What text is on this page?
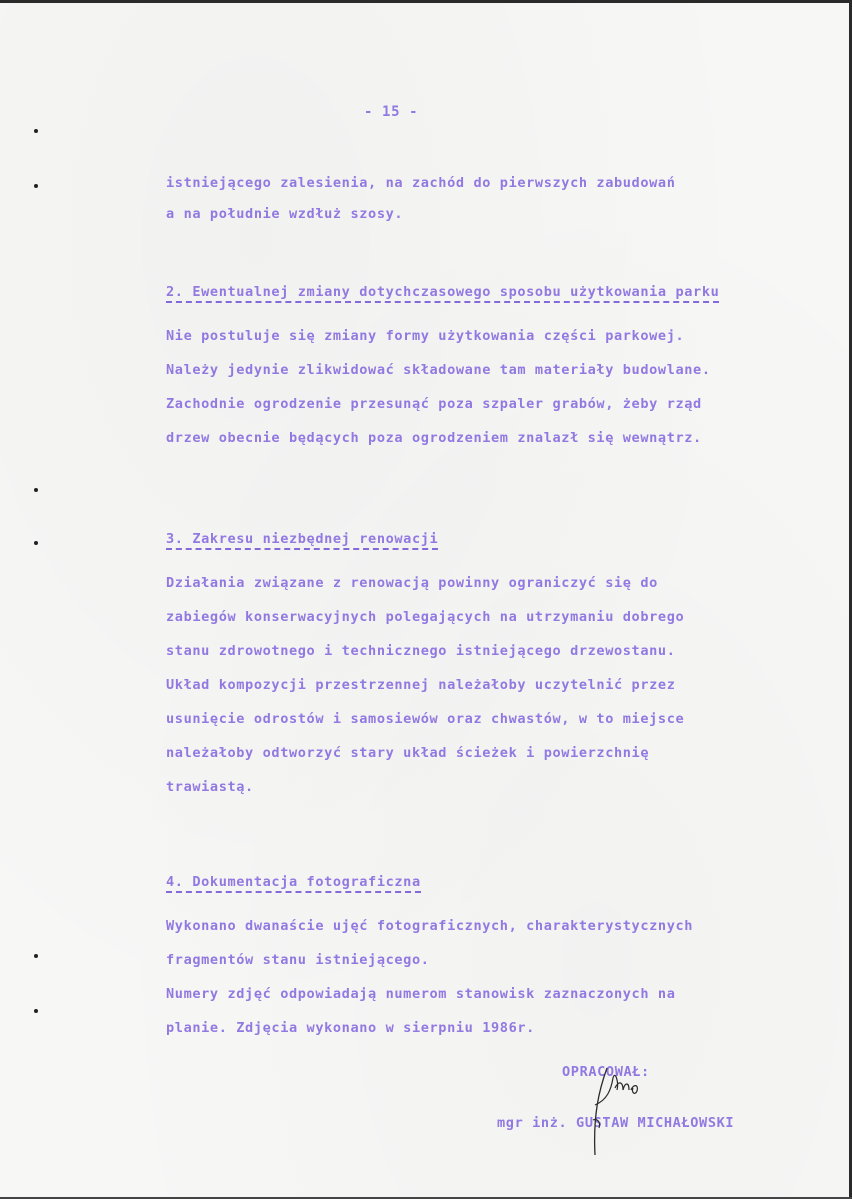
- 15 -
istniejącego zalesienia, na zachód do pierwszych zabudowań
a na południe wzdłuż szosy.
2. Ewentualnej zmiany dotychczasowego sposobu użytkowania parku
Nie postuluje się zmiany formy użytkowania części parkowej.
Należy jedynie zlikwidować składowane tam materiały budowlane.
Zachodnie ogrodzenie przesunąć poza szpaler grabów, żeby rząd
drzew obecnie będących poza ogrodzeniem znalazł się wewnątrz.
3. Zakresu niezbędnej renowacji
Działania związane z renowacją powinny ograniczyć się do
zabiegów konserwacyjnych polegających na utrzymaniu dobrego
stanu zdrowotnego i technicznego istniejącego drzewostanu.
Układ kompozycji przestrzennej należałoby uczytelnić przez
usunięcie odrostów i samosiewów oraz chwastów, w to miejsce
należałoby odtworzyć stary układ ścieżek i powierzchnię
trawiastą.
4. Dokumentacja fotograficzna
Wykonano dwanaście ujęć fotograficznych, charakterystycznych
fragmentów stanu istniejącego.
Numery zdjęć odpowiadają numerom stanowisk zaznaczonych na
planie. Zdjęcia wykonano w sierpniu 1986r.
OPRACOWAŁ:
mgr inż. GUSTAW MICHAŁOWSKI
